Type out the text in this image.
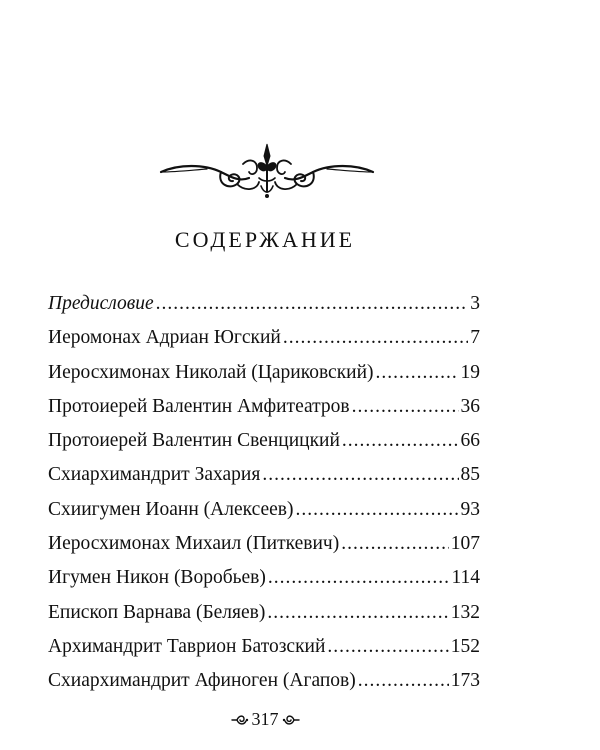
СОДЕРЖАНИЕ
Предисловие .....	3
Иеромонах Адриан Югский .....	7
Иеросхимонах Николай (Цариковский) .....	19
Протоиерей Валентин Амфитеатров .....	36
Протоиерей Валентин Свенцицкий .....	66
Схиархимандрит Захария .....	85
Схиигумен Иоанн (Алексеев) .....	93
Иеросхимонах Михаил (Питкевич) .....	107
Игумен Никон (Воробьев) .....	114
Епископ Варнава (Беляев) .....	132
Архимандрит Таврион Батозский .....	152
Схиархимандрит Афиноген (Агапов) .....	173
317
